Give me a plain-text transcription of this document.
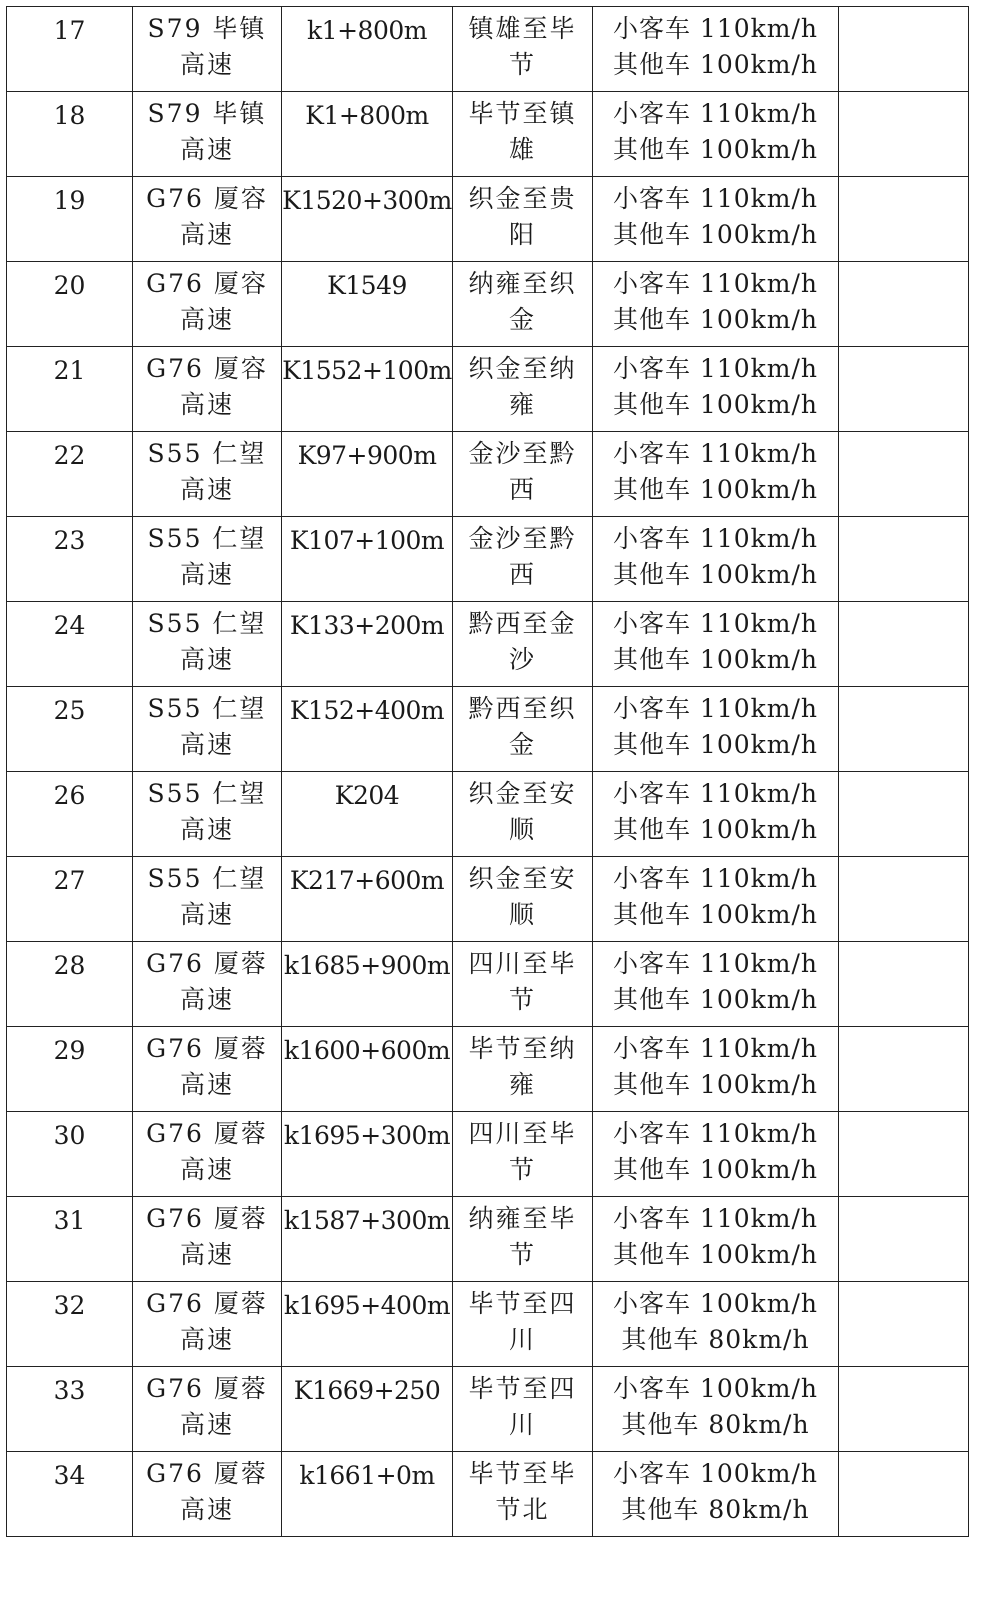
17	S79 毕镇
高速	k1+800m	镇雄至毕
节	小客车 110km/h
其他车 100km/h	

18	S79 毕镇
高速	K1+800m	毕节至镇
雄	小客车 110km/h
其他车 100km/h	

19	G76 厦容
高速	K1520+300m	织金至贵
阳	小客车 110km/h
其他车 100km/h	

20	G76 厦容
高速	K1549	纳雍至织
金	小客车 110km/h
其他车 100km/h	

21	G76 厦容
高速	K1552+100m	织金至纳
雍	小客车 110km/h
其他车 100km/h	

22	S55 仁望
高速	K97+900m	金沙至黔
西	小客车 110km/h
其他车 100km/h	

23	S55 仁望
高速	K107+100m	金沙至黔
西	小客车 110km/h
其他车 100km/h	

24	S55 仁望
高速	K133+200m	黔西至金
沙	小客车 110km/h
其他车 100km/h	

25	S55 仁望
高速	K152+400m	黔西至织
金	小客车 110km/h
其他车 100km/h	

26	S55 仁望
高速	K204	织金至安
顺	小客车 110km/h
其他车 100km/h	

27	S55 仁望
高速	K217+600m	织金至安
顺	小客车 110km/h
其他车 100km/h	

28	G76 厦蓉
高速	k1685+900m	四川至毕
节	小客车 110km/h
其他车 100km/h	

29	G76 厦蓉
高速	k1600+600m	毕节至纳
雍	小客车 110km/h
其他车 100km/h	

30	G76 厦蓉
高速	k1695+300m	四川至毕
节	小客车 110km/h
其他车 100km/h	

31	G76 厦蓉
高速	k1587+300m	纳雍至毕
节	小客车 110km/h
其他车 100km/h	

32	G76 厦蓉
高速	k1695+400m	毕节至四
川	小客车 100km/h
其他车 80km/h	

33	G76 厦蓉
高速	K1669+250	毕节至四
川	小客车 100km/h
其他车 80km/h	

34	G76 厦蓉
高速	k1661+0m	毕节至毕
节北	小客车 100km/h
其他车 80km/h	
